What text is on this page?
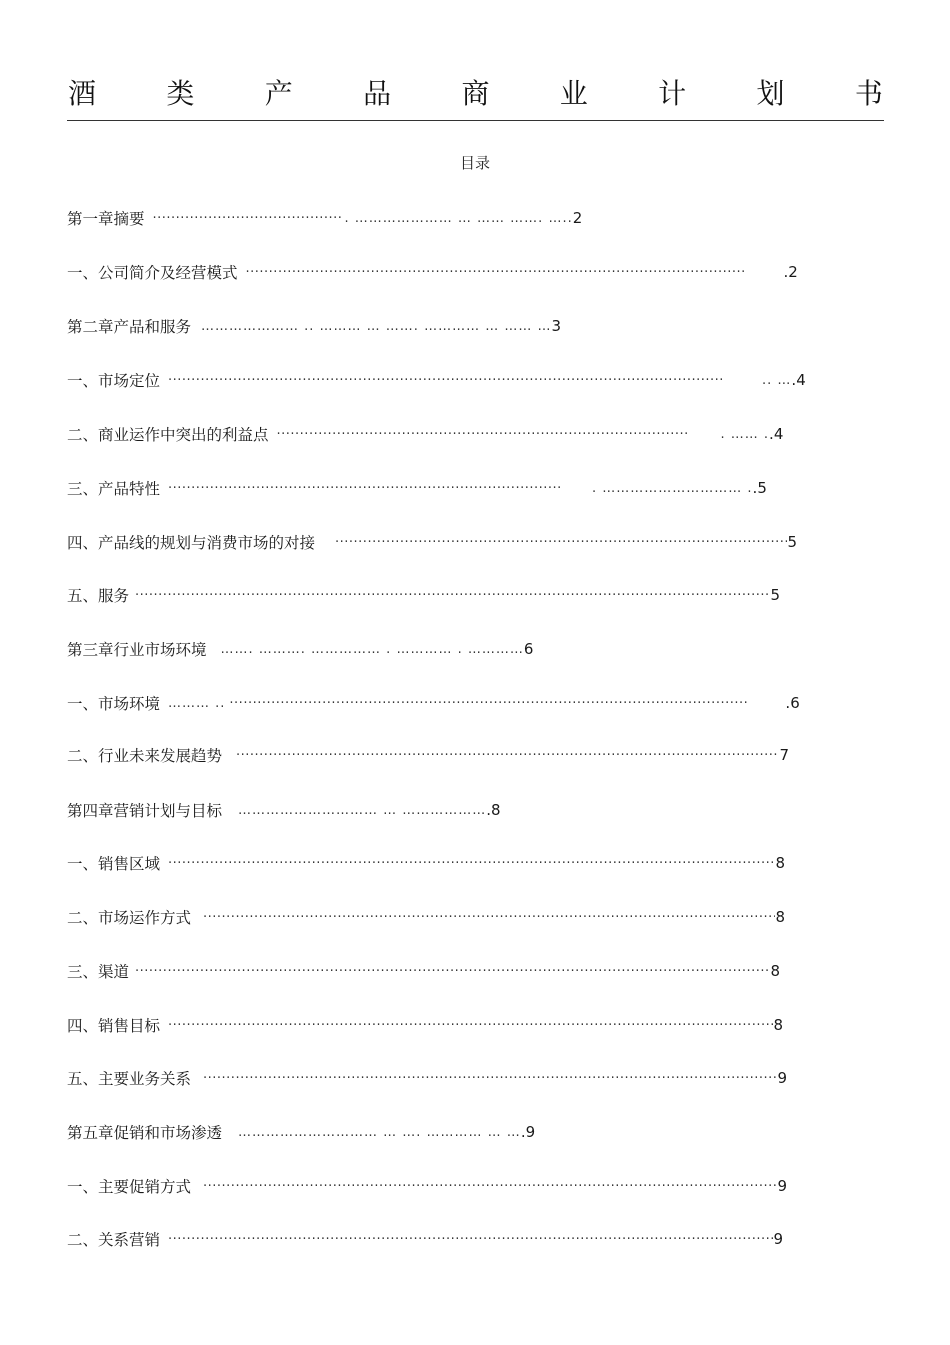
酒	类	产	品	商	业	计	划	书
目录
第一章摘要 ·····	. ………………… … …… ……. ….. 2
一、公司简介及经营模式 ·····	.2
第二章产品和服务 ………………… .. ……… … ……. ………… … …… … 3
一、市场定位 ·····	.. … .4
二、商业运作中突出的利益点 ·····	. …… . .4
三、产品特性 ·····	. ………………………… . .5
四、产品线的规划与消费市场的对接 ·····	5
五、服务 ·····	5
第三章行业市场环境 ……. ………. …………… . ………… . ………… 6
一、市场环境 ……… .. ·····	.6
二、行业未来发展趋势 ·····	7
第四章营销计划与目标 ………………………… … ……………… .8
一、销售区域 ·····	8
二、市场运作方式 ·····	8
三、渠道 ·····	8
四、销售目标 ·····	8
五、主要业务关系 ·····	9
第五章促销和市场渗透 ………………………… … …. ………… … … .9
一、主要促销方式 ·····	9
二、关系营销 ·····	9
